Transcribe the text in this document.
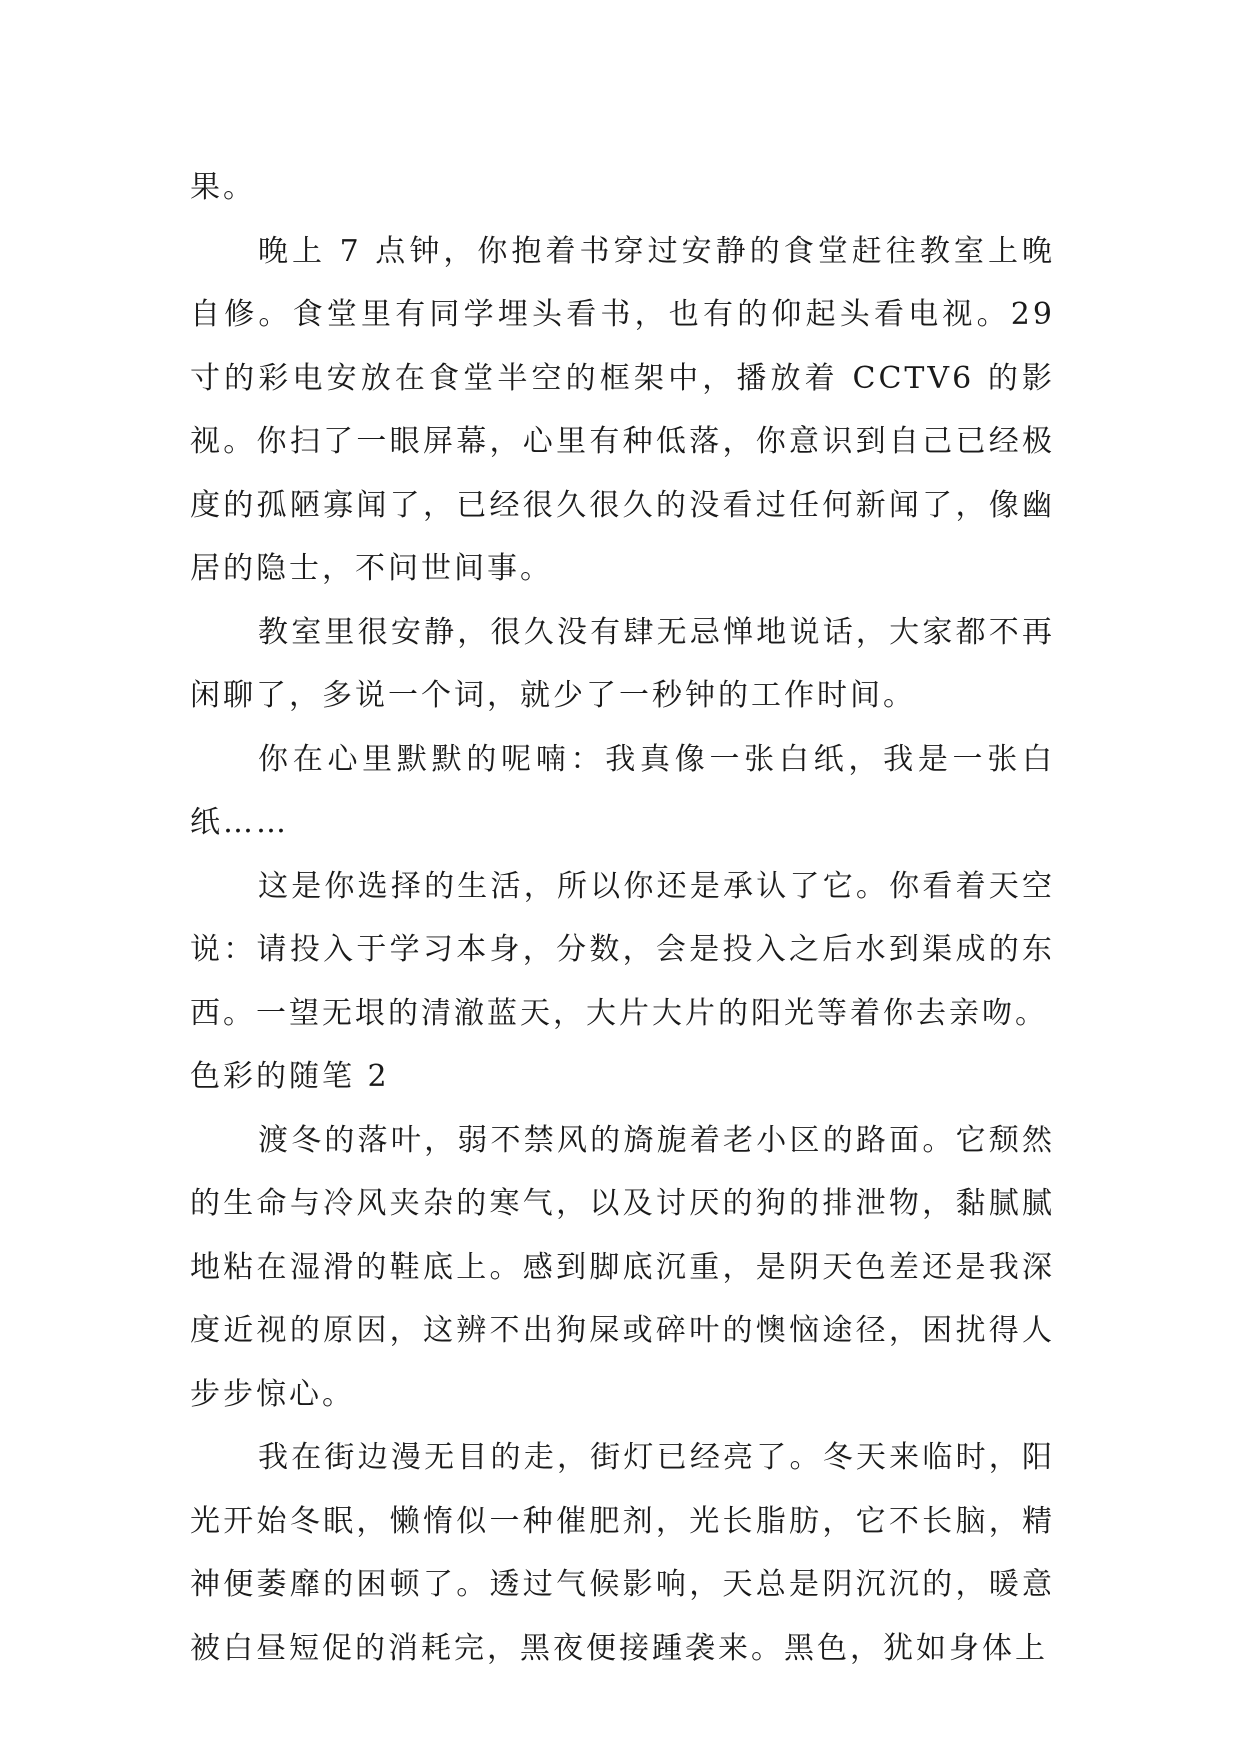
果。

晚上 7 点钟，你抱着书穿过安静的食堂赶往教室上晚自修。食堂里有同学埋头看书，也有的仰起头看电视。29 寸的彩电安放在食堂半空的框架中，播放着 CCTV6 的影视。你扫了一眼屏幕，心里有种低落，你意识到自己已经极度的孤陋寡闻了，已经很久很久的没看过任何新闻了，像幽居的隐士，不问世间事。

教室里很安静，很久没有肆无忌惮地说话，大家都不再闲聊了，多说一个词，就少了一秒钟的工作时间。

你在心里默默的呢喃：我真像一张白纸，我是一张白纸……

这是你选择的生活，所以你还是承认了它。你看着天空说：请投入于学习本身，分数，会是投入之后水到渠成的东西。一望无垠的清澈蓝天，大片大片的阳光等着你去亲吻。

色彩的随笔 2

渡冬的落叶，弱不禁风的旖旎着老小区的路面。它颓然的生命与冷风夹杂的寒气，以及讨厌的狗的排泄物，黏腻腻地粘在湿滑的鞋底上。感到脚底沉重，是阴天色差还是我深度近视的原因，这辨不出狗屎或碎叶的懊恼途径，困扰得人步步惊心。

我在街边漫无目的走，街灯已经亮了。冬天来临时，阳光开始冬眠，懒惰似一种催肥剂，光长脂肪，它不长脑，精神便萎靡的困顿了。透过气候影响，天总是阴沉沉的，暖意被白昼短促的消耗完，黑夜便接踵袭来。黑色，犹如身体上
